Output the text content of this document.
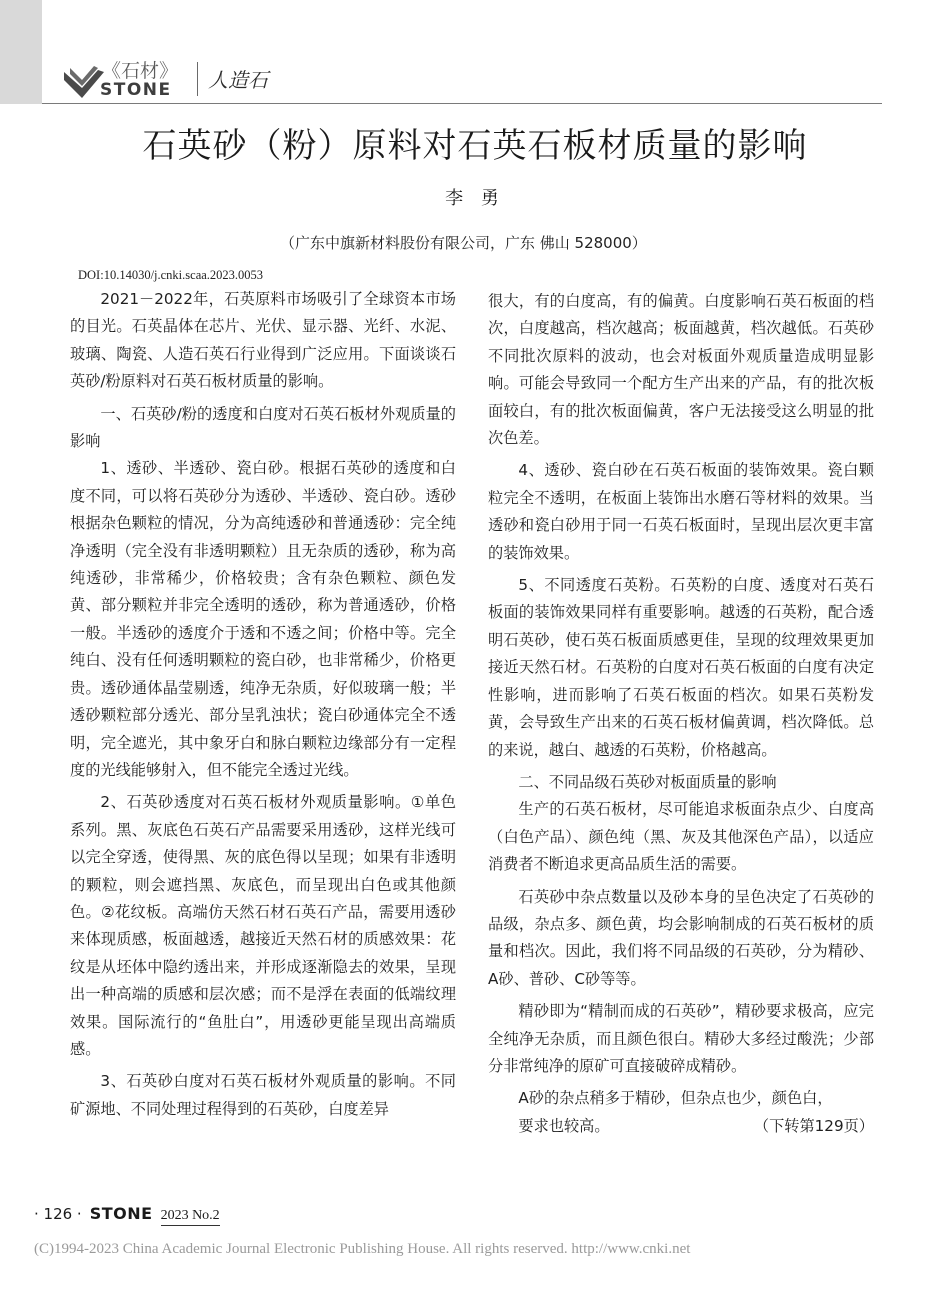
《石材》
STONE 人造石
石英砂（粉）原料对石英石板材质量的影响
李 勇
（广东中旗新材料股份有限公司，广东 佛山 528000）
DOI:10.14030/j.cnki.scaa.2023.0053

2021－2022年，石英原料市场吸引了全球资本市场的目光。石英晶体在芯片、光伏、显示器、光纤、水泥、玻璃、陶瓷、人造石英石行业得到广泛应用。下面谈谈石英砂/粉原料对石英石板材质量的影响。

一、石英砂/粉的透度和白度对石英石板材外观质量的影响

1、透砂、半透砂、瓷白砂。根据石英砂的透度和白度不同，可以将石英砂分为透砂、半透砂、瓷白砂。透砂根据杂色颗粒的情况，分为高纯透砂和普通透砂：完全纯净透明（完全没有非透明颗粒）且无杂质的透砂，称为高纯透砂，非常稀少，价格较贵；含有杂色颗粒、颜色发黄、部分颗粒并非完全透明的透砂，称为普通透砂，价格一般。半透砂的透度介于透和不透之间；价格中等。完全纯白、没有任何透明颗粒的瓷白砂，也非常稀少，价格更贵。透砂通体晶莹剔透，纯净无杂质，好似玻璃一般；半透砂颗粒部分透光、部分呈乳浊状；瓷白砂通体完全不透明，完全遮光，其中象牙白和脉白颗粒边缘部分有一定程度的光线能够射入，但不能完全透过光线。

2、石英砂透度对石英石板材外观质量影响。①单色系列。黑、灰底色石英石产品需要采用透砂，这样光线可以完全穿透，使得黑、灰的底色得以呈现；如果有非透明的颗粒，则会遮挡黑、灰底色，而呈现出白色或其他颜色。②花纹板。高端仿天然石材石英石产品，需要用透砂来体现质感，板面越透，越接近天然石材的质感效果：花纹是从坯体中隐约透出来，并形成逐渐隐去的效果，呈现出一种高端的质感和层次感；而不是浮在表面的低端纹理效果。国际流行的“鱼肚白”，用透砂更能呈现出高端质感。

3、石英砂白度对石英石板材外观质量的影响。不同矿源地、不同处理过程得到的石英砂，白度差异

很大，有的白度高，有的偏黄。白度影响石英石板面的档次，白度越高，档次越高；板面越黄，档次越低。石英砂不同批次原料的波动，也会对板面外观质量造成明显影响。可能会导致同一个配方生产出来的产品，有的批次板面较白，有的批次板面偏黄，客户无法接受这么明显的批次色差。

4、透砂、瓷白砂在石英石板面的装饰效果。瓷白颗粒完全不透明，在板面上装饰出水磨石等材料的效果。当透砂和瓷白砂用于同一石英石板面时，呈现出层次更丰富的装饰效果。

5、不同透度石英粉。石英粉的白度、透度对石英石板面的装饰效果同样有重要影响。越透的石英粉，配合透明石英砂，使石英石板面质感更佳，呈现的纹理效果更加接近天然石材。石英粉的白度对石英石板面的白度有决定性影响，进而影响了石英石板面的档次。如果石英粉发黄，会导致生产出来的石英石板材偏黄调，档次降低。总的来说，越白、越透的石英粉，价格越高。

二、不同品级石英砂对板面质量的影响

生产的石英石板材，尽可能追求板面杂点少、白度高（白色产品）、颜色纯（黑、灰及其他深色产品），以适应消费者不断追求更高品质生活的需要。

石英砂中杂点数量以及砂本身的呈色决定了石英砂的品级，杂点多、颜色黄，均会影响制成的石英石板材的质量和档次。因此，我们将不同品级的石英砂，分为精砂、A砂、普砂、C砂等等。

精砂即为“精制而成的石英砂”，精砂要求极高，应完全纯净无杂质，而且颜色很白。精砂大多经过酸洗；少部分非常纯净的原矿可直接破碎成精砂。

A砂的杂点稍多于精砂，但杂点也少，颜色白，

要求也较高。	（下转第129页）

· 126 · STONE 2023 No.2
(C)1994-2023 China Academic Journal Electronic Publishing House. All rights reserved. http://www.cnki.net
